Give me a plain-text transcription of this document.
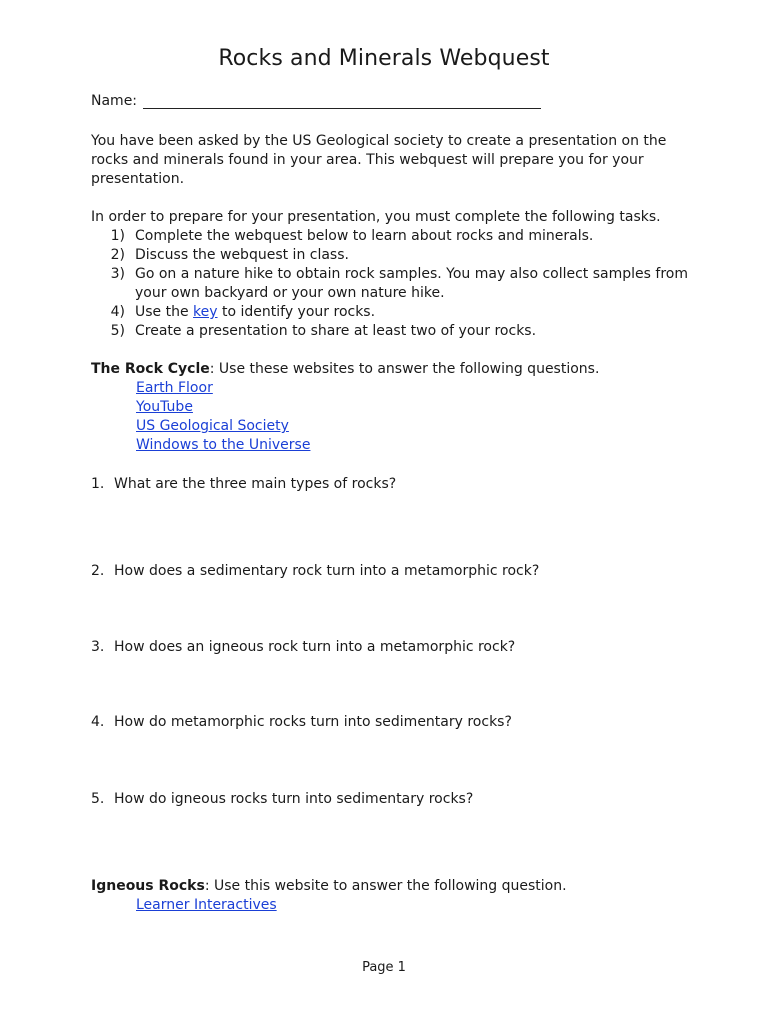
Rocks and Minerals Webquest
Name:

You have been asked by the US Geological society to create a presentation on the rocks and minerals found in your area. This webquest will prepare you for your presentation.

In order to prepare for your presentation, you must complete the following tasks.

1) Complete the webquest below to learn about rocks and minerals.
2) Discuss the webquest in class.
3) Go on a nature hike to obtain rock samples. You may also collect samples from your own backyard or your own nature hike.
4) Use the key to identify your rocks.
5) Create a presentation to share at least two of your rocks.

The Rock Cycle: Use these websites to answer the following questions.

Earth Floor
YouTube
US Geological Society
Windows to the Universe

1. What are the three main types of rocks?

2. How does a sedimentary rock turn into a metamorphic rock?

3. How does an igneous rock turn into a metamorphic rock?

4. How do metamorphic rocks turn into sedimentary rocks?

5. How do igneous rocks turn into sedimentary rocks?

Igneous Rocks: Use this website to answer the following question.

Learner Interactives
Page 1
